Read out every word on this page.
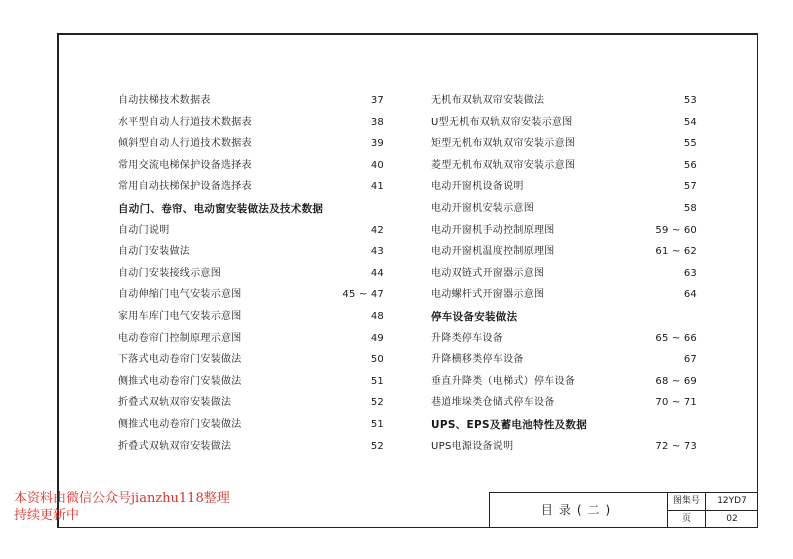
自动扶梯技术数据表	37
水平型自动人行道技术数据表	38
倾斜型自动人行道技术数据表	39
常用交流电梯保护设备选择表	40
常用自动扶梯保护设备选择表	41
自动门、卷帘、电动窗安装做法及技术数据
自动门说明	42
自动门安装做法	43
自动门安装接线示意图	44
自动伸缩门电气安装示意图	45 ~ 47
家用车库门电气安装示意图	48
电动卷帘门控制原理示意图	49
下落式电动卷帘门安装做法	50
侧推式电动卷帘门安装做法	51
折叠式双轨双帘安装做法	52
侧推式电动卷帘门安装做法	51
折叠式双轨双帘安装做法	52
无机布双轨双帘安装做法	53
U型无机布双轨双帘安装示意图	54
矩型无机布双轨双帘安装示意图	55
菱型无机布双轨双帘安装示意图	56
电动开窗机设备说明	57
电动开窗机安装示意图	58
电动开窗机手动控制原理图	59 ~ 60
电动开窗机温度控制原理图	61 ~ 62
电动双链式开窗器示意图	63
电动螺杆式开窗器示意图	64
停车设备安装做法
升降类停车设备	65 ~ 66
升降横移类停车设备	67
垂直升降类（电梯式）停车设备	68 ~ 69
巷道堆垛类仓储式停车设备	70 ~ 71
UPS、EPS及蓄电池特性及数据
UPS电源设备说明	72 ~ 73
目录(二)
图集号	12YD7
页	02
本资料由微信公众号jianzhu118整理
持续更新中
